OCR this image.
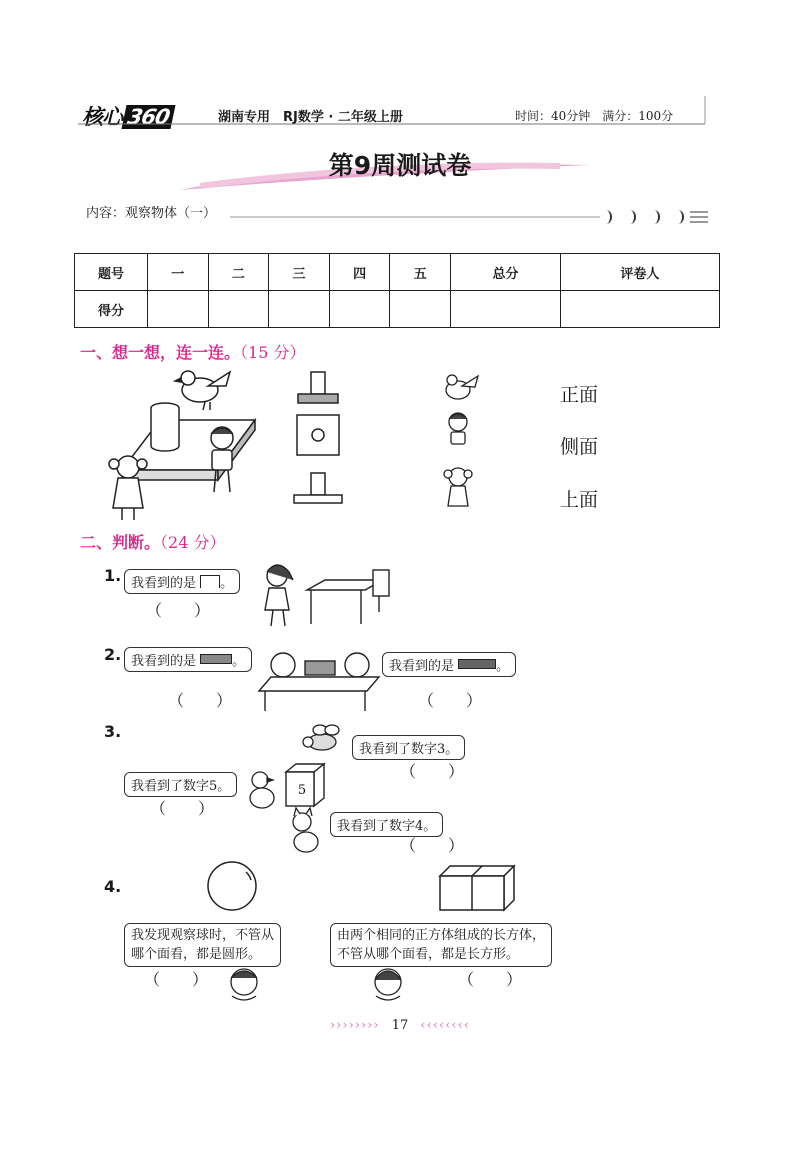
核心 360	湖南专用　RJ数学 · 二年级上册	时间：40分钟　满分：100分
第9周测试卷
内容：观察物体（一）
题号	一	二	三	四	五	总分	评卷人
得分							
一、想一想，连一连。（15 分）
正面
侧面
上面
二、判断。（24 分）
1. 我看到的是 。
（　　）
2. 我看到的是	。	我看到的是	。
（　　）	（　　）
3.
我看到了数字3。
（　　）
我看到了数字5。
（　　）
我看到了数字4。
（　　）
5
4.
我发现观察球时，不管从
哪个面看，都是圆形。
由两个相同的正方体组成的长方体，
不管从哪个面看，都是长方形。
（　　）	（　　）
›››››››› 17 ‹‹‹‹‹‹‹‹
